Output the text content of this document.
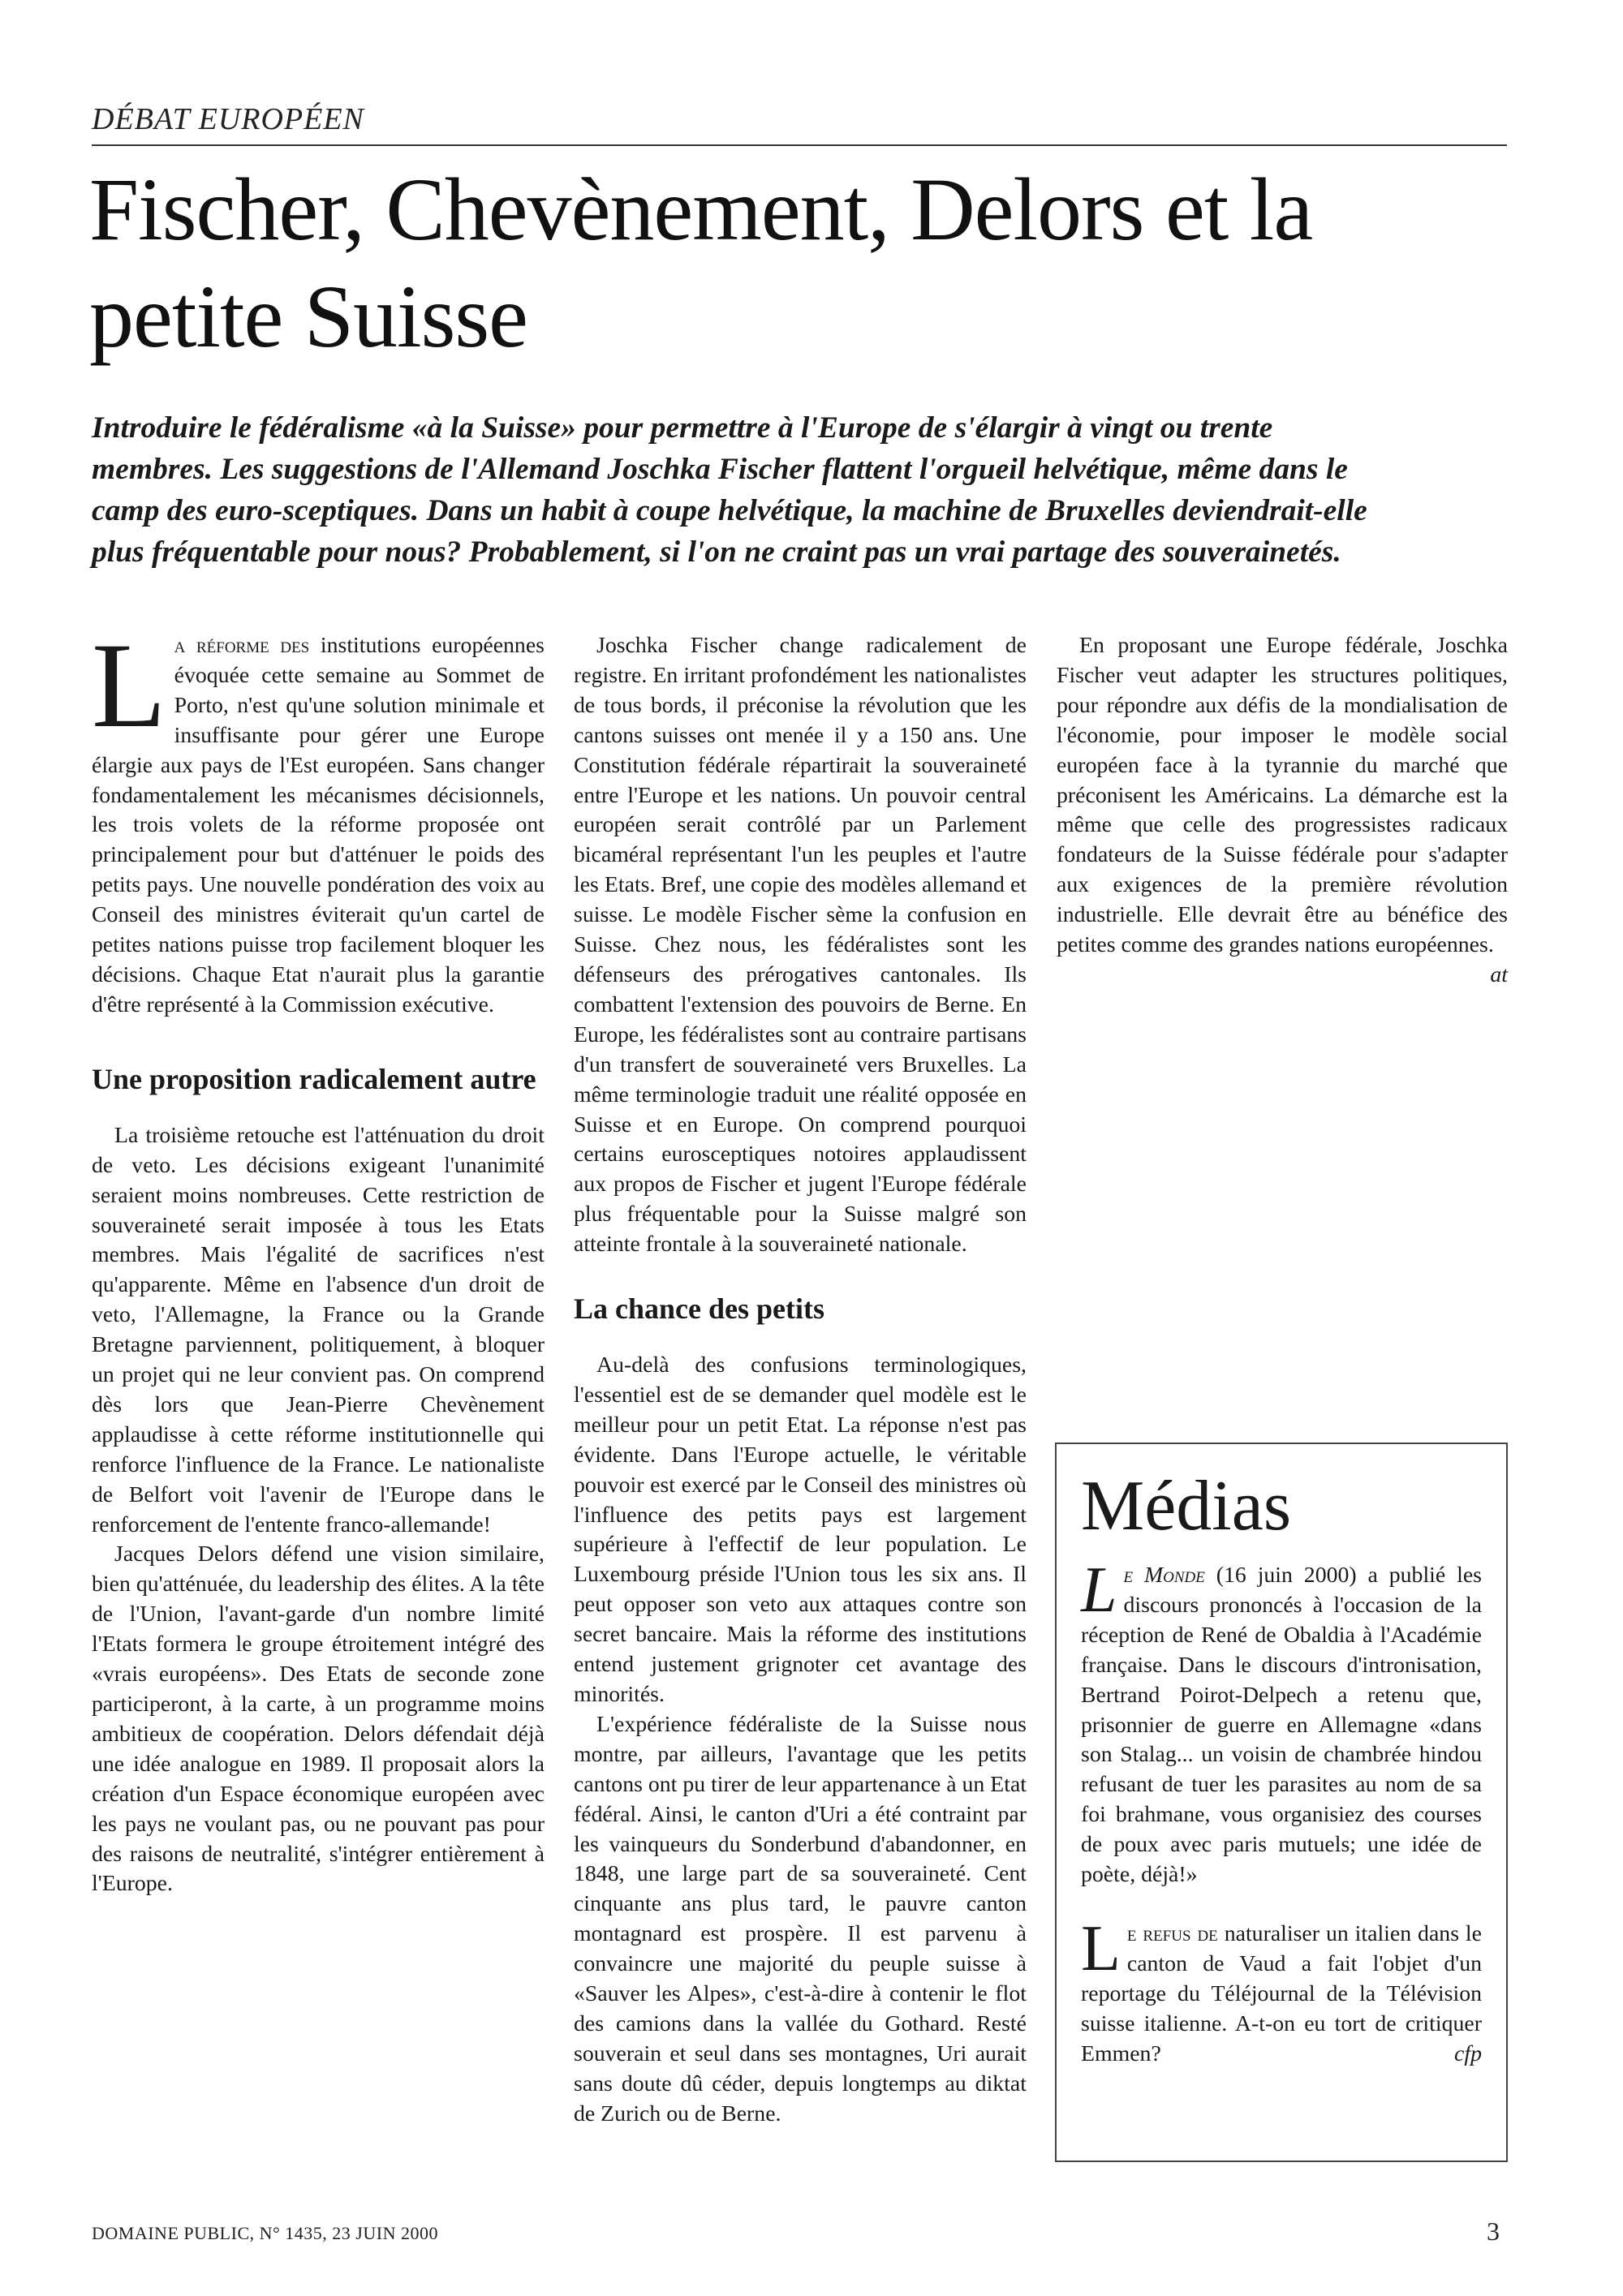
DÉBAT EUROPÉEN
Fischer, Chevènement, Delors et la petite Suisse

Introduire le fédéralisme «à la Suisse» pour permettre à l'Europe de s'élargir à vingt ou trente membres. Les suggestions de l'Allemand Joschka Fischer flattent l'orgueil helvétique, même dans le camp des euro-sceptiques. Dans un habit à coupe helvétique, la machine de Bruxelles deviendrait-elle plus fréquentable pour nous? Probablement, si l'on ne craint pas un vrai partage des souverainetés.

La réforme des institutions européennes évoquée cette semaine au Sommet de Porto, n'est qu'une solution minimale et insuffisante pour gérer une Europe élargie aux pays de l'Est européen. Sans changer fondamentalement les mécanismes décisionnels, les trois volets de la réforme proposée ont principalement pour but d'atténuer le poids des petits pays. Une nouvelle pondération des voix au Conseil des ministres éviterait qu'un cartel de petites nations puisse trop facilement bloquer les décisions. Chaque Etat n'aurait plus la garantie d'être représenté à la Commission exécutive.

Une proposition radicalement autre

La troisième retouche est l'atténuation du droit de veto. Les décisions exigeant l'unanimité seraient moins nombreuses. Cette restriction de souveraineté serait imposée à tous les Etats membres. Mais l'égalité de sacrifices n'est qu'apparente. Même en l'absence d'un droit de veto, l'Allemagne, la France ou la Grande Bretagne parviennent, politiquement, à bloquer un projet qui ne leur convient pas. On comprend dès lors que Jean-Pierre Chevènement applaudisse à cette réforme institutionnelle qui renforce l'influence de la France. Le nationaliste de Belfort voit l'avenir de l'Europe dans le renforcement de l'entente franco-allemande!

Jacques Delors défend une vision similaire, bien qu'atténuée, du leadership des élites. A la tête de l'Union, l'avant-garde d'un nombre limité l'Etats formera le groupe étroitement intégré des «vrais européens». Des Etats de seconde zone participeront, à la carte, à un programme moins ambitieux de coopération. Delors défendait déjà une idée analogue en 1989. Il proposait alors la création d'un Espace économique européen avec les pays ne voulant pas, ou ne pouvant pas pour des raisons de neutralité, s'intégrer entièrement à l'Europe.

Joschka Fischer change radicalement de registre. En irritant profondément les nationalistes de tous bords, il préconise la révolution que les cantons suisses ont menée il y a 150 ans. Une Constitution fédérale répartirait la souveraineté entre l'Europe et les nations. Un pouvoir central européen serait contrôlé par un Parlement bicaméral représentant l'un les peuples et l'autre les Etats. Bref, une copie des modèles allemand et suisse. Le modèle Fischer sème la confusion en Suisse. Chez nous, les fédéralistes sont les défenseurs des prérogatives cantonales. Ils combattent l'extension des pouvoirs de Berne. En Europe, les fédéralistes sont au contraire partisans d'un transfert de souveraineté vers Bruxelles. La même terminologie traduit une réalité opposée en Suisse et en Europe. On comprend pourquoi certains eurosceptiques notoires applaudissent aux propos de Fischer et jugent l'Europe fédérale plus fréquentable pour la Suisse malgré son atteinte frontale à la souveraineté nationale.

La chance des petits

Au-delà des confusions terminologiques, l'essentiel est de se demander quel modèle est le meilleur pour un petit Etat. La réponse n'est pas évidente. Dans l'Europe actuelle, le véritable pouvoir est exercé par le Conseil des ministres où l'influence des petits pays est largement supérieure à l'effectif de leur population. Le Luxembourg préside l'Union tous les six ans. Il peut opposer son veto aux attaques contre son secret bancaire. Mais la réforme des institutions entend justement grignoter cet avantage des minorités.

L'expérience fédéraliste de la Suisse nous montre, par ailleurs, l'avantage que les petits cantons ont pu tirer de leur appartenance à un Etat fédéral. Ainsi, le canton d'Uri a été contraint par les vainqueurs du Sonderbund d'abandonner, en 1848, une large part de sa souveraineté. Cent cinquante ans plus tard, le pauvre canton montagnard est prospère. Il est parvenu à convaincre une majorité du peuple suisse à «Sauver les Alpes», c'est-à-dire à contenir le flot des camions dans la vallée du Gothard. Resté souverain et seul dans ses montagnes, Uri aurait sans doute dû céder, depuis longtemps au diktat de Zurich ou de Berne.

En proposant une Europe fédérale, Joschka Fischer veut adapter les structures politiques, pour répondre aux défis de la mondialisation de l'économie, pour imposer le modèle social européen face à la tyrannie du marché que préconisent les Américains. La démarche est la même que celle des progressistes radicaux fondateurs de la Suisse fédérale pour s'adapter aux exigences de la première révolution industrielle. Elle devrait être au bénéfice des petites comme des grandes nations européennes.
at

Médias

Le Monde (16 juin 2000) a publié les discours prononcés à l'occasion de la réception de René de Obaldia à l'Académie française. Dans le discours d'intronisation, Bertrand Poirot-Delpech a retenu que, prisonnier de guerre en Allemagne «dans son Stalag... un voisin de chambrée hindou refusant de tuer les parasites au nom de sa foi brahmane, vous organisiez des courses de poux avec paris mutuels; une idée de poète, déjà!»

Le refus de naturaliser un italien dans le canton de Vaud a fait l'objet d'un reportage du Téléjournal de la Télévision suisse italienne. A-t-on eu tort de critiquer Emmen?	cfp

DOMAINE PUBLIC, N° 1435, 23 JUIN 2000	3
